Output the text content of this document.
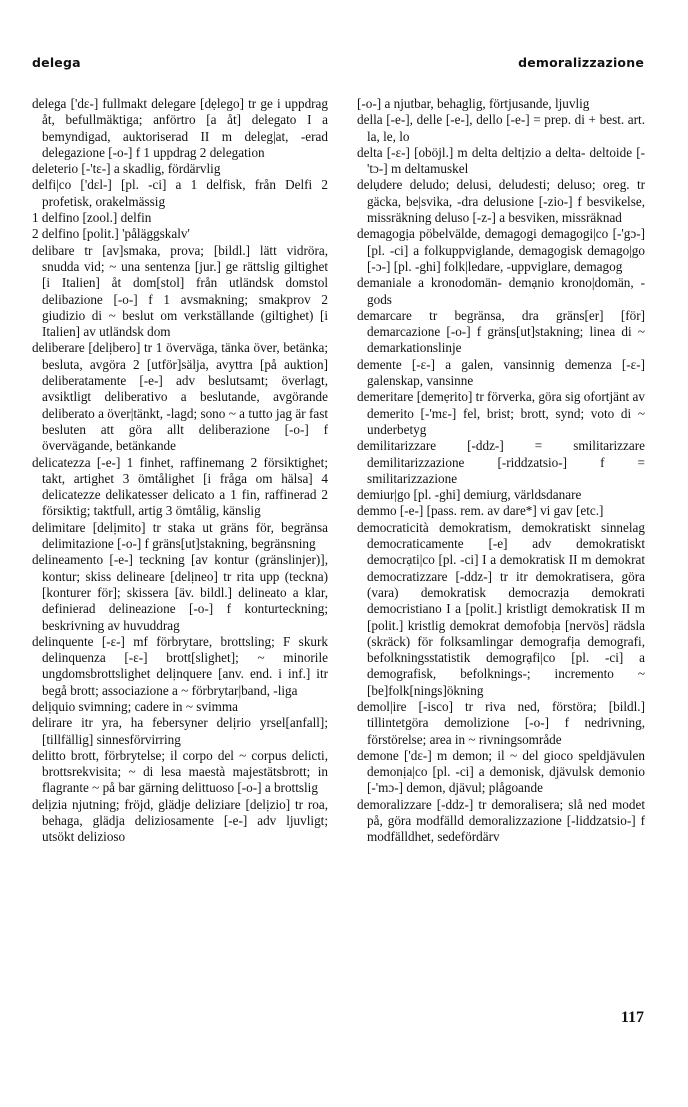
delega	demoralizzazione
delega ['dɛ-] fullmakt delegare [dẹlego] tr ge i uppdrag åt, befullmäktiga; anförtro [a åt] delegato I a bemyndigad, auktoriserad II m deleg|at, -erad delegazione [-o-] f 1 uppdrag 2 delegation
deleterio [-'tɛ-] a skadlig, fördärvlig
delfi|co ['dɛl-] [pl. -ci] a 1 delfisk, från Delfi 2 profetisk, orakelmässig
1 delfino [zool.] delfin
2 delfino [polit.] 'påläggskalv'
delibare tr [av]smaka, prova; [bildl.] lätt vidröra, snudda vid; ~ una sentenza [jur.] ge rättslig giltighet [i Italien] åt dom[stol] från utländsk domstol delibazione [-o-] f 1 avsmakning; smakprov 2 giudizio di ~ beslut om verkställande (giltighet) [i Italien] av utländsk dom
deliberare [delịbero] tr 1 överväga, tänka över, betänka; besluta, avgöra 2 [utför]sälja, avyttra [på auktion] deliberatamente [-e-] adv beslutsamt; överlagt, avsiktligt deliberativo a beslutande, avgörande deliberato a över|tänkt, -lagd; sono ~ a tutto jag är fast besluten att göra allt deliberazione [-o-] f övervägande, betänkande
delicatezza [-e-] 1 finhet, raffinemang 2 försiktighet; takt, artighet 3 ömtålighet [i fråga om hälsa] 4 delicatezze delikatesser delicato a 1 fin, raffinerad 2 försiktig; taktfull, artig 3 ömtålig, känslig
delimitare [delịmito] tr staka ut gräns för, begränsa delimitazione [-o-] f gräns[ut]stakning, begränsning
delineamento [-e-] teckning [av kontur (gränslinjer)], kontur; skiss delineare [delịneo] tr rita upp (teckna) [konturer för]; skissera [äv. bildl.] delineato a klar, definierad delineazione [-o-] f konturteckning; beskrivning av huvuddrag
delinquente [-ɛ-] mf förbrytare, brottsling; F skurk delinquenza [-ɛ-] brott[slighet]; ~ minorile ungdomsbrottslighet delịnquere [anv. end. i inf.] itr begå brott; associazione a ~ förbrytar|band, -liga
delịquio svimning; cadere in ~ svimma
delirare itr yra, ha febersyner delịrio yrsel[anfall]; [tillfällig] sinnesförvirring
delitto brott, förbrytelse; il corpo del ~ corpus delicti, brottsrekvisita; ~ di lesa maestà majestätsbrott; in flagrante ~ på bar gärning delittuoso [-o-] a brottslig
delịzia njutning; fröjd, glädje deliziare [delịzio] tr roa, behaga, glädja deliziosamente [-e-] adv ljuvligt; utsökt delizioso
[-o-] a njutbar, behaglig, förtjusande, ljuvlig
della [-e-], delle [-e-], dello [-e-] = prep. di + best. art. la, le, lo
delta [-ɛ-] [oböjl.] m delta deltịzio a delta- deltoide [-'tɔ-] m deltamuskel
delụdere deludo; delusi, deludesti; deluso; oreg. tr gäcka, be|svika, -dra delusione [-zio-] f besvikelse, missräkning deluso [-z-] a besviken, missräknad
demagogịa pöbelvälde, demagogi demagogi|co [-'gɔ-] [pl. -ci] a folkuppviglande, demagogisk demago|go [-ɔ-] [pl. -ghi] folk|ledare, -uppviglare, demagog
demaniale a kronodomän- demạnio krono|domän, -gods
demarcare tr begränsa, dra gräns[er] [för] demarcazione [-o-] f gräns[ut]stakning; linea di ~ demarkationslinje
demente [-ɛ-] a galen, vansinnig demenza [-ɛ-] galenskap, vansinne
demeritare [demẹrito] tr förverka, göra sig ofortjänt av demerito [-'mɛ-] fel, brist; brott, synd; voto di ~ underbetyg
demilitarizzare [-ddz-] = smilitarizzare demilitarizzazione [-riddzatsio-] f = smilitarizzazione
demiur|go [pl. -ghi] demiurg, världsdanare
demmo [-e-] [pass. rem. av dare*] vi gav [etc.]
democraticità demokratism, demokratiskt sinnelag democraticamente [-e] adv demokratiskt democrạti|co [pl. -ci] I a demokratisk II m demokrat democratizzare [-ddz-] tr itr demokratisera, göra (vara) demokratisk democrazịa demokrati democristiano I a [polit.] kristligt demokratisk II m [polit.] kristlig demokrat demofobịa [nervös] rädsla (skräck) för folksamlingar demografịa demografi, befolkningsstatistik demogrạfi|co [pl. -ci] a demografisk, befolknings-; incremento ~ [be]folk[nings]ökning
demol|ire [-isco] tr riva ned, förstöra; [bildl.] tillintetgöra demolizione [-o-] f nedrivning, förstörelse; area in ~ rivningsområde
demone ['dɛ-] m demon; il ~ del gioco speldjävulen demonịa|co [pl. -ci] a demonisk, djävulsk demonio [-'mɔ-] demon, djävul; plågoande
demoralizzare [-ddz-] tr demoralisera; slå ned modet på, göra modfälld demoralizzazione [-liddzatsio-] f modfälldhet, sedefördärv
117
